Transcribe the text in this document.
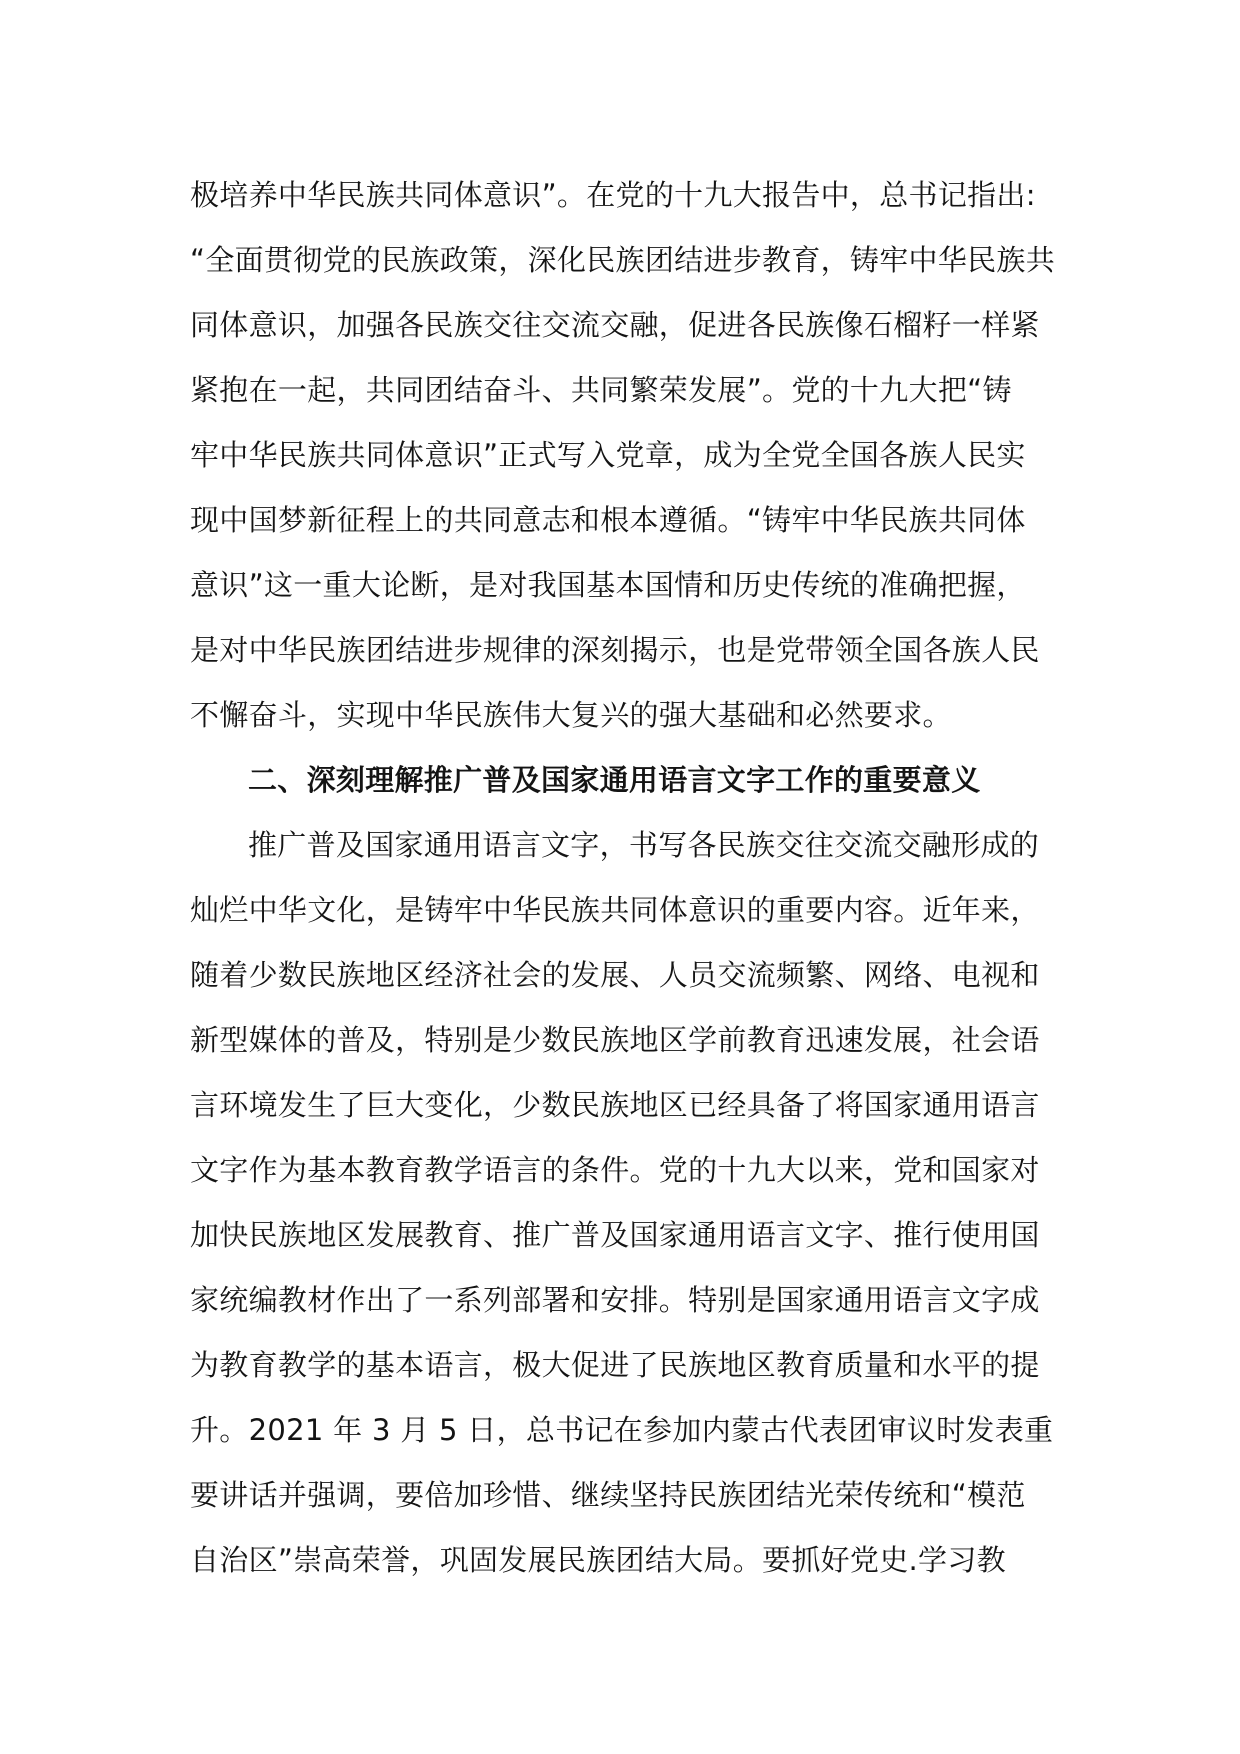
极培养中华民族共同体意识”。在党的十九大报告中，总书记指出:
“全面贯彻党的民族政策，深化民族团结进步教育，铸牢中华民族共
同体意识，加强各民族交往交流交融，促进各民族像石榴籽一样紧
紧抱在一起，共同团结奋斗、共同繁荣发展”。党的十九大把“铸
牢中华民族共同体意识”正式写入党章，成为全党全国各族人民实
现中国梦新征程上的共同意志和根本遵循。“铸牢中华民族共同体
意识”这一重大论断，是对我国基本国情和历史传统的准确把握，
是对中华民族团结进步规律的深刻揭示，也是党带领全国各族人民
不懈奋斗，实现中华民族伟大复兴的强大基础和必然要求。
二、深刻理解推广普及国家通用语言文字工作的重要意义
推广普及国家通用语言文字，书写各民族交往交流交融形成的
灿烂中华文化，是铸牢中华民族共同体意识的重要内容。近年来，
随着少数民族地区经济社会的发展、人员交流频繁、网络、电视和
新型媒体的普及，特别是少数民族地区学前教育迅速发展，社会语
言环境发生了巨大变化，少数民族地区已经具备了将国家通用语言
文字作为基本教育教学语言的条件。党的十九大以来，党和国家对
加快民族地区发展教育、推广普及国家通用语言文字、推行使用国
家统编教材作出了一系列部署和安排。特别是国家通用语言文字成
为教育教学的基本语言，极大促进了民族地区教育质量和水平的提
升。2021 年 3 月 5 日，总书记在参加内蒙古代表团审议时发表重
要讲话并强调，要倍加珍惜、继续坚持民族团结光荣传统和“模范
自治区”崇高荣誉，巩固发展民族团结大局。要抓好党史.学习教
